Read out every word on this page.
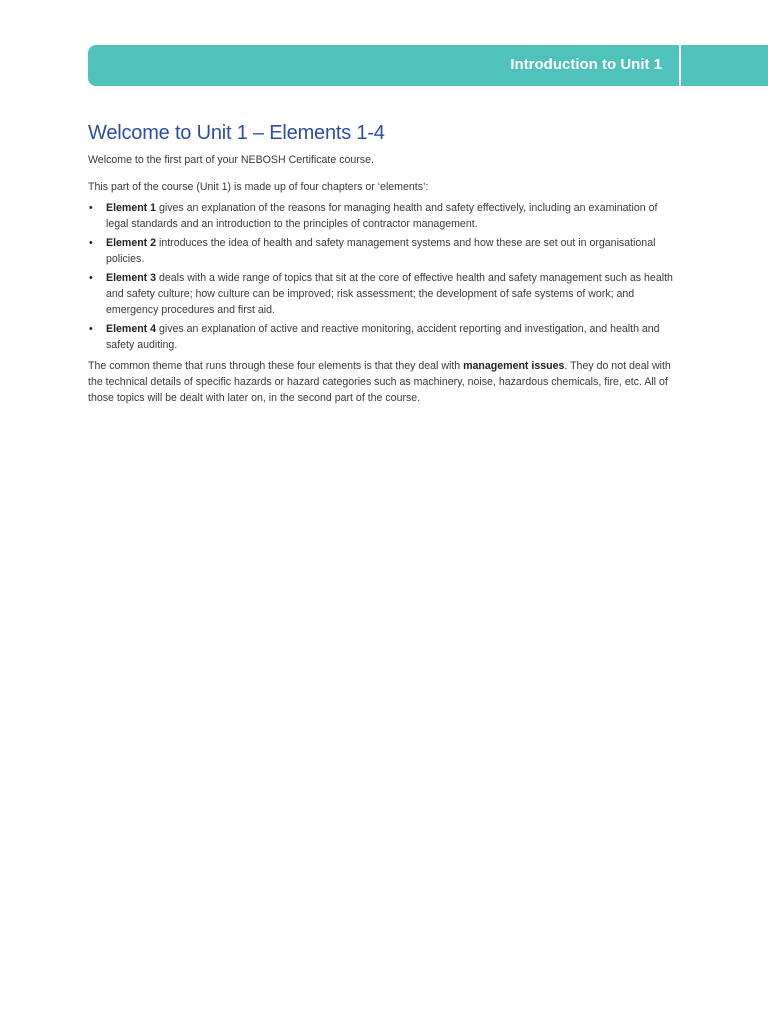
Introduction to Unit 1
Welcome to Unit 1 – Elements 1-4

Welcome to the first part of your NEBOSH Certificate course.

This part of the course (Unit 1) is made up of four chapters or ‘elements’:

• Element 1 gives an explanation of the reasons for managing health and safety effectively, including an examination of legal standards and an introduction to the principles of contractor management.
• Element 2 introduces the idea of health and safety management systems and how these are set out in organisational policies.
• Element 3 deals with a wide range of topics that sit at the core of effective health and safety management such as health and safety culture; how culture can be improved; risk assessment; the development of safe systems of work; and emergency procedures and first aid.
• Element 4 gives an explanation of active and reactive monitoring, accident reporting and investigation, and health and safety auditing.

The common theme that runs through these four elements is that they deal with management issues. They do not deal with the technical details of specific hazards or hazard categories such as machinery, noise, hazardous chemicals, fire, etc. All of those topics will be dealt with later on, in the second part of the course.
